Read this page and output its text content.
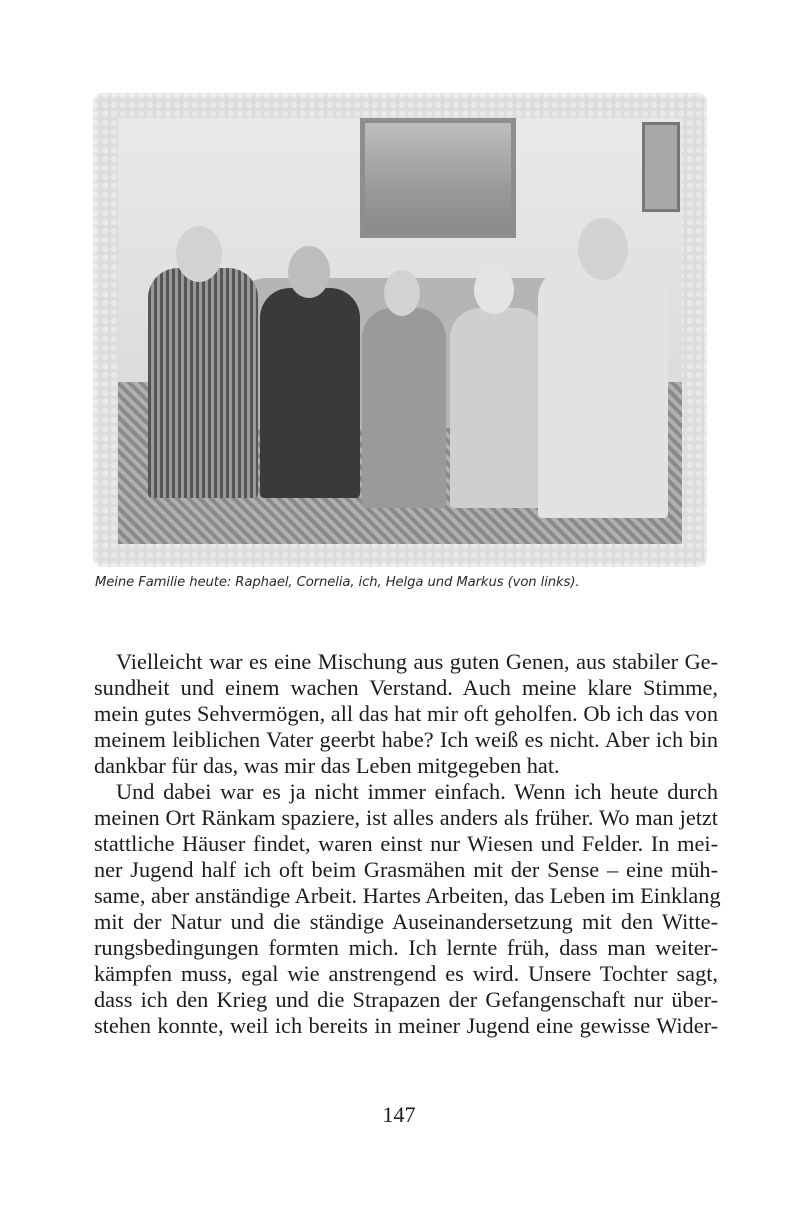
Meine Familie heute: Raphael, Cornelia, ich, Helga und Markus (von links).
Vielleicht war es eine Mischung aus guten Genen, aus stabiler Ge-
sundheit und einem wachen Verstand. Auch meine klare Stimme,
mein gutes Sehvermögen, all das hat mir oft geholfen. Ob ich das von
meinem leiblichen Vater geerbt habe? Ich weiß es nicht. Aber ich bin
dankbar für das, was mir das Leben mitgegeben hat.
Und dabei war es ja nicht immer einfach. Wenn ich heute durch
meinen Ort Ränkam spaziere, ist alles anders als früher. Wo man jetzt
stattliche Häuser findet, waren einst nur Wiesen und Felder. In mei-
ner Jugend half ich oft beim Grasmähen mit der Sense – eine müh-
same, aber anständige Arbeit. Hartes Arbeiten, das Leben im Einklang
mit der Natur und die ständige Auseinandersetzung mit den Witte-
rungsbedingungen formten mich. Ich lernte früh, dass man weiter-
kämpfen muss, egal wie anstrengend es wird. Unsere Tochter sagt,
dass ich den Krieg und die Strapazen der Gefangenschaft nur über-
stehen konnte, weil ich bereits in meiner Jugend eine gewisse Wider-
147
